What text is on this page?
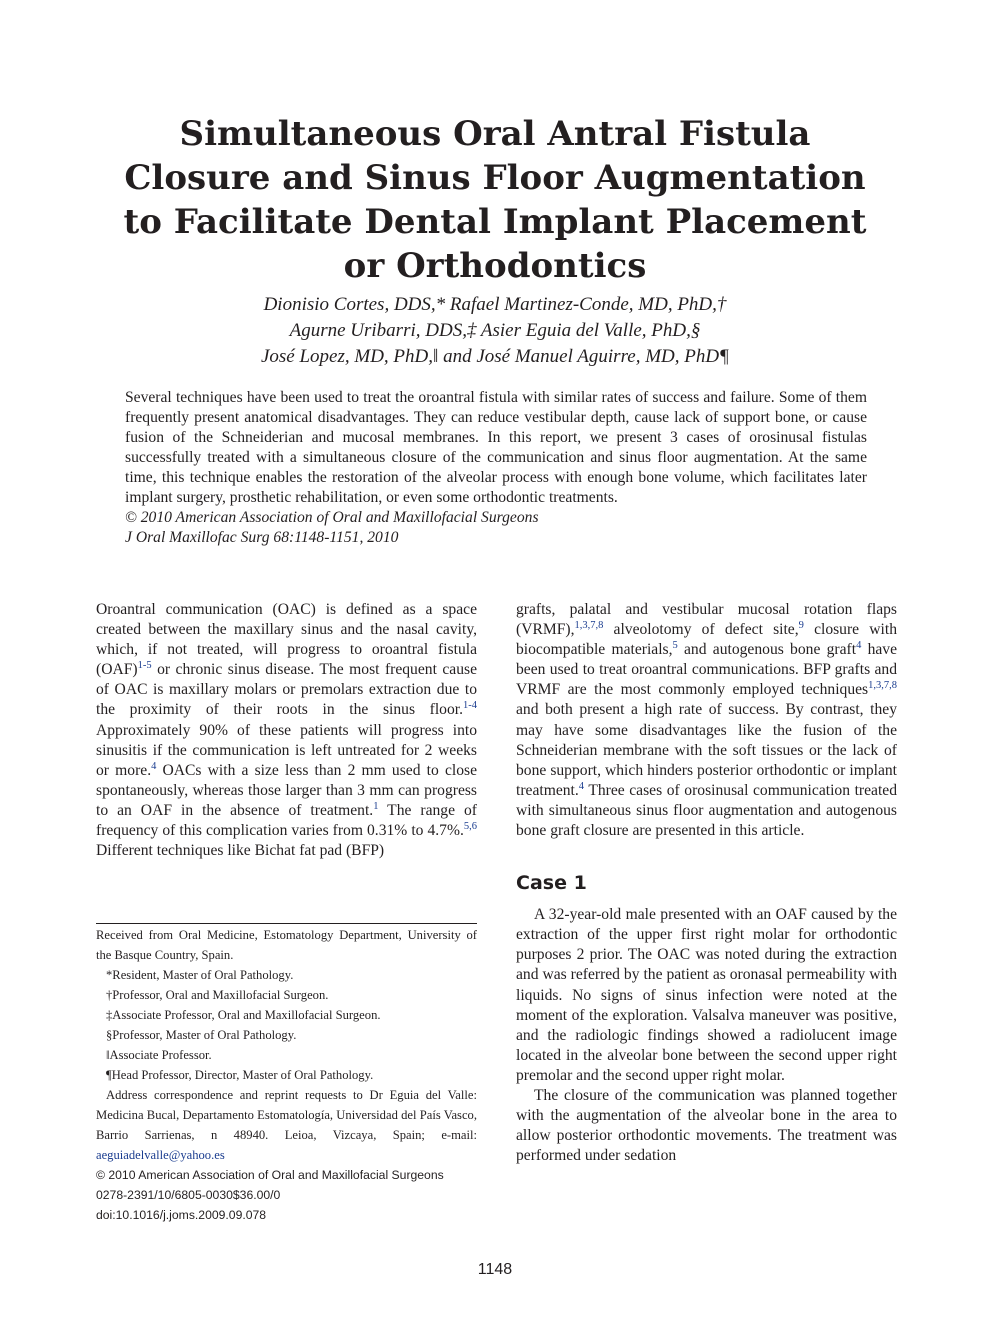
Simultaneous Oral Antral Fistula
Closure and Sinus Floor Augmentation
to Facilitate Dental Implant Placement
or Orthodontics
Dionisio Cortes, DDS,* Rafael Martinez-Conde, MD, PhD,†
Agurne Uribarri, DDS,‡ Asier Eguia del Valle, PhD,§
José Lopez, MD, PhD,‖ and José Manuel Aguirre, MD, PhD¶

Several techniques have been used to treat the oroantral fistula with similar rates of success and failure. Some of them frequently present anatomical disadvantages. They can reduce vestibular depth, cause lack of support bone, or cause fusion of the Schneiderian and mucosal membranes. In this report, we present 3 cases of orosinusal fistulas successfully treated with a simultaneous closure of the communication and sinus floor augmentation. At the same time, this technique enables the restoration of the alveolar process with enough bone volume, which facilitates later implant surgery, prosthetic rehabilitation, or even some orthodontic treatments.

© 2010 American Association of Oral and Maxillofacial Surgeons

J Oral Maxillofac Surg 68:1148-1151, 2010

Oroantral communication (OAC) is defined as a space created between the maxillary sinus and the nasal cavity, which, if not treated, will progress to oroantral fistula (OAF)$^{1-5}$ or chronic sinus disease. The most frequent cause of OAC is maxillary molars or premolars extraction due to the proximity of their roots in the sinus floor.$^{1-4}$ Approximately 90% of these patients will progress into sinusitis if the communication is left untreated for 2 weeks or more.$^4$ OACs with a size less than 2 mm used to close spontaneously, whereas those larger than 3 mm can progress to an OAF in the absence of treatment.$^1$ The range of frequency of this complication varies from 0.31% to 4.7%.$^{5,6}$ Different techniques like Bichat fat pad (BFP)

grafts, palatal and vestibular mucosal rotation flaps (VRMF),$^{1,3,7,8}$ alveolotomy of defect site,$^9$ closure with biocompatible materials,$^5$ and autogenous bone graft$^4$ have been used to treat oroantral communications. BFP grafts and VRMF are the most commonly employed techniques$^{1,3,7,8}$ and both present a high rate of success. By contrast, they may have some disadvantages like the fusion of the Schneiderian membrane with the soft tissues or the lack of bone support, which hinders posterior orthodontic or implant treatment.$^4$ Three cases of orosinusal communication treated with simultaneous sinus floor augmentation and autogenous bone graft closure are presented in this article.

Case 1

A 32-year-old male presented with an OAF caused by the extraction of the upper first right molar for orthodontic purposes 2 prior. The OAC was noted during the extraction and was referred by the patient as oronasal permeability with liquids. No signs of sinus infection were noted at the moment of the exploration. Valsalva maneuver was positive, and the radiologic findings showed a radiolucent image located in the alveolar bone between the second upper right premolar and the second upper right molar.

The closure of the communication was planned together with the augmentation of the alveolar bone in the area to allow posterior orthodontic movements. The treatment was performed under sedation

Received from Oral Medicine, Estomatology Department, University of the Basque Country, Spain.

*Resident, Master of Oral Pathology.

†Professor, Oral and Maxillofacial Surgeon.

‡Associate Professor, Oral and Maxillofacial Surgeon.

§Professor, Master of Oral Pathology.

‖Associate Professor.

¶Head Professor, Director, Master of Oral Pathology.

Address correspondence and reprint requests to Dr Eguia del Valle: Medicina Bucal, Departamento Estomatología, Universidad del País Vasco, Barrio Sarrienas, n 48940. Leioa, Vizcaya, Spain; e-mail: aeguiadelvalle@yahoo.es

© 2010 American Association of Oral and Maxillofacial Surgeons

0278-2391/10/6805-0030$36.00/0

doi:10.1016/j.joms.2009.09.078

1148
